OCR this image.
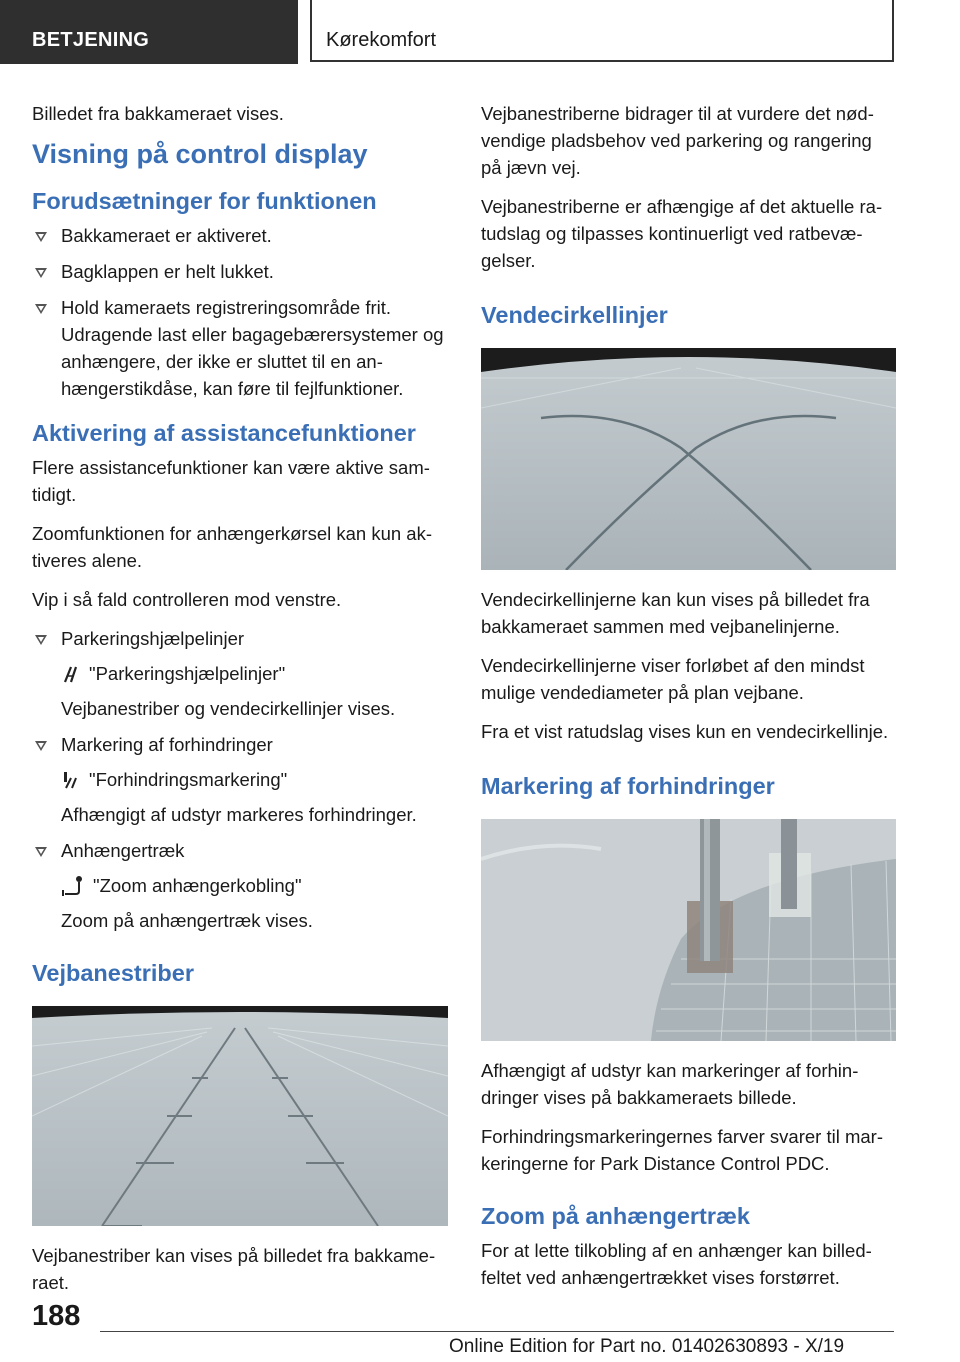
BETJENING	Kørekomfort

Billedet fra bakkameraet vises.

Visning på control display
Forudsætninger for funktionen
Bakkameraet er aktiveret.
Bagklappen er helt lukket.
Hold kameraets registreringsområde frit. Udragende last eller bagagebærersystemer og anhængere, der ikke er sluttet til en anhængerstikdåse, kan føre til fejlfunktioner.
Aktivering af assistancefunktioner

Flere assistancefunktioner kan være aktive samtidigt.

Zoomfunktionen for anhængerkørsel kan kun aktiveres alene.

Vip i så fald controlleren mod venstre.

Parkeringshjælpelinjer
"Parkeringshjælpelinjer"
Vejbanestriber og vendecirkellinjer vises.
Markering af forhindringer
"Forhindringsmarkering"
Afhængigt af udstyr markeres forhindringer.
Anhængertræk
"Zoom anhængerkobling"
Zoom på anhængertræk vises.
Vejbanestriber

Vejbanestriber kan vises på billedet fra bakkameraet.

Vejbanestriberne bidrager til at vurdere det nødvendige pladsbehov ved parkering og rangering på jævn vej.

Vejbanestriberne er afhængige af det aktuelle ratudslag og tilpasses kontinuerligt ved ratbevægelser.

Vendecirkellinjer

Vendecirkellinjerne kan kun vises på billedet fra bakkameraet sammen med vejbanelinjerne.

Vendecirkellinjerne viser forløbet af den mindst mulige vendediameter på plan vejbane.

Fra et vist ratudslag vises kun en vendecirkellinje.

Markering af forhindringer

Afhængigt af udstyr kan markeringer af forhindringer vises på bakkameraets billede.

Forhindringsmarkeringernes farver svarer til markeringerne for Park Distance Control PDC.

Zoom på anhængertræk

For at lette tilkobling af en anhænger kan billedfeltet ved anhængertrækket vises forstørret.

188
Online Edition for Part no. 01402630893 - X/19
